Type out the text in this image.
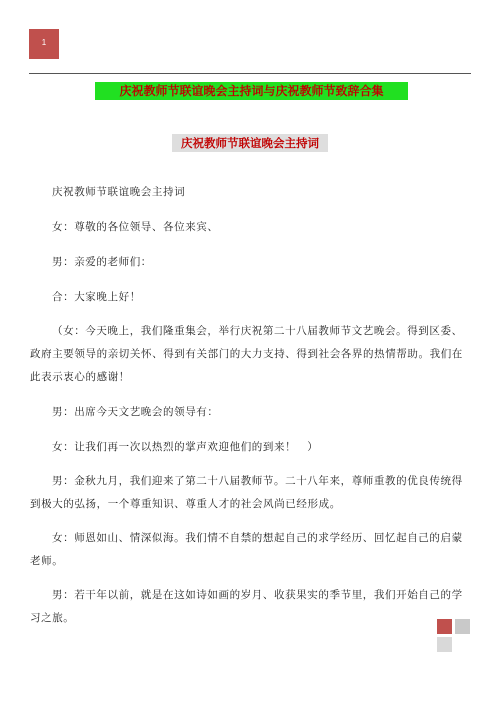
1
庆祝教师节联谊晚会主持词与庆祝教师节致辞合集
庆祝教师节联谊晚会主持词

庆祝教师节联谊晚会主持词

女：尊敬的各位领导、各位来宾、

男：亲爱的老师们：

合：大家晚上好！

（女：今天晚上，我们隆重集会，举行庆祝第二十八届教师节文艺晚会。得到区委、政府主要领导的亲切关怀、得到有关部门的大力支持、得到社会各界的热情帮助。我们在此表示衷心的感谢！

男：出席今天文艺晚会的领导有：

女：让我们再一次以热烈的掌声欢迎他们的到来！　）

男：金秋九月，我们迎来了第二十八届教师节。二十八年来，尊师重教的优良传统得到极大的弘扬，一个尊重知识、尊重人才的社会风尚已经形成。

女：师恩如山、情深似海。我们情不自禁的想起自己的求学经历、回忆起自己的启蒙老师。

男：若干年以前，就是在这如诗如画的岁月、收获果实的季节里，我们开始自己的学习之旅。
